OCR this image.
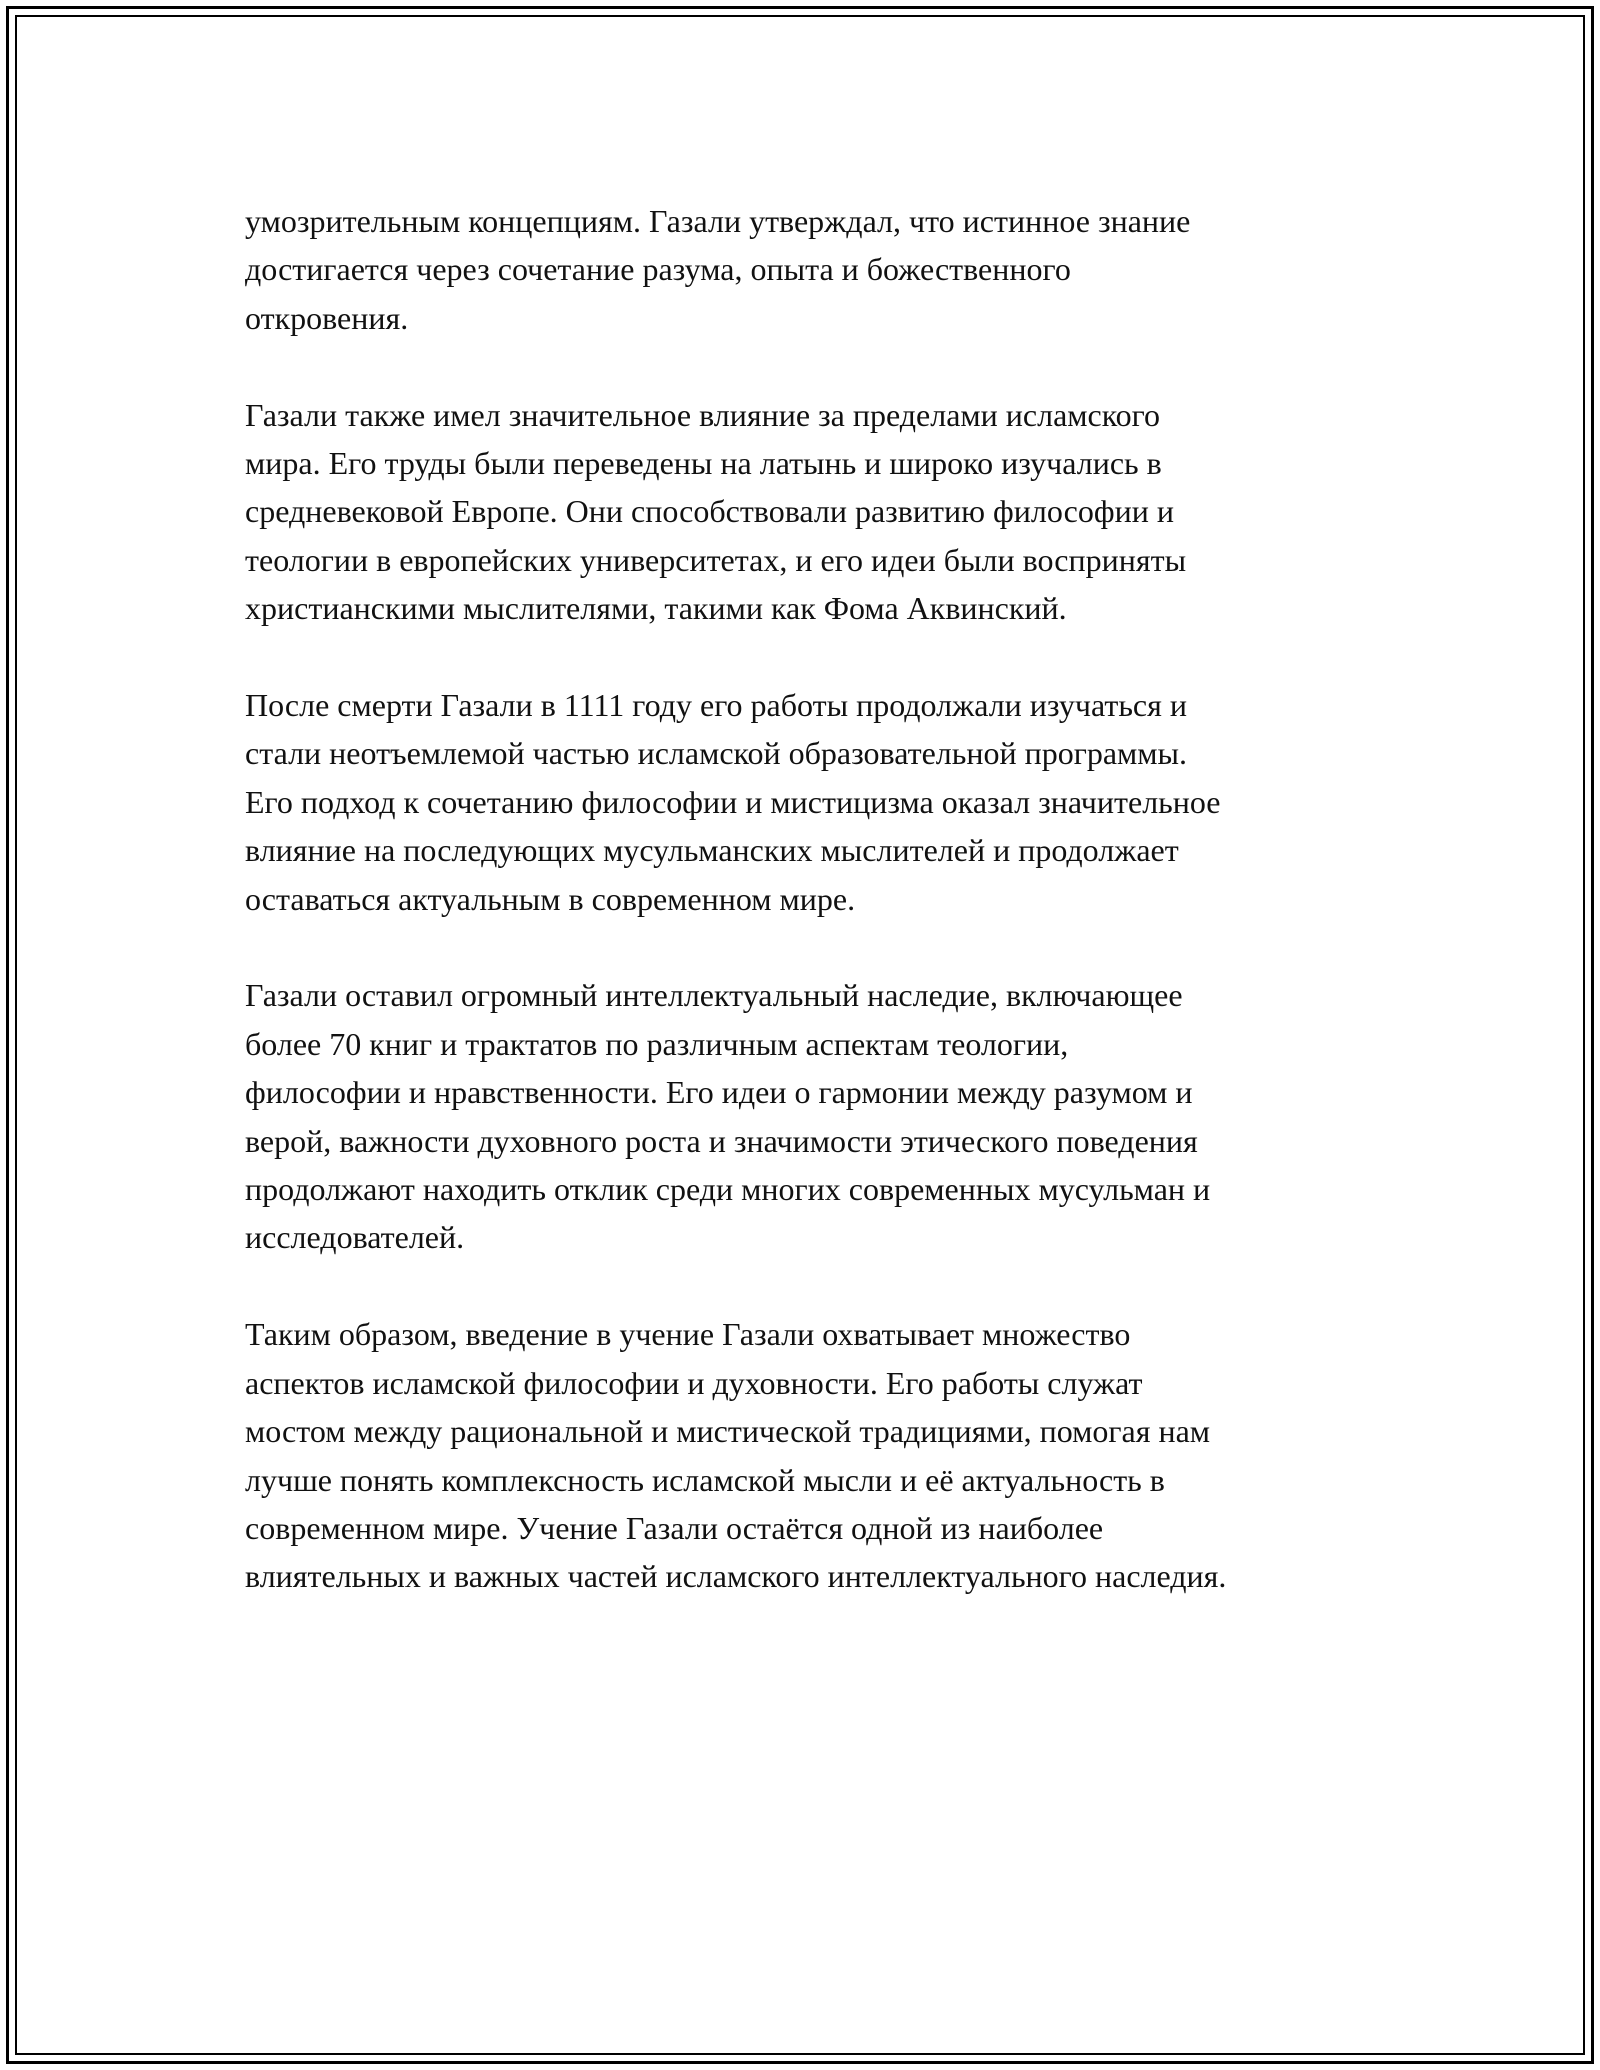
умозрительным концепциям. Газали утверждал, что истинное знание
достигается через сочетание разума, опыта и божественного
откровения.

Газали также имел значительное влияние за пределами исламского
мира. Его труды были переведены на латынь и широко изучались в
средневековой Европе. Они способствовали развитию философии и
теологии в европейских университетах, и его идеи были восприняты
христианскими мыслителями, такими как Фома Аквинский.

После смерти Газали в 1111 году его работы продолжали изучаться и
стали неотъемлемой частью исламской образовательной программы.
Его подход к сочетанию философии и мистицизма оказал значительное
влияние на последующих мусульманских мыслителей и продолжает
оставаться актуальным в современном мире.

Газали оставил огромный интеллектуальный наследие, включающее
более 70 книг и трактатов по различным аспектам теологии,
философии и нравственности. Его идеи о гармонии между разумом и
верой, важности духовного роста и значимости этического поведения
продолжают находить отклик среди многих современных мусульман и
исследователей.

Таким образом, введение в учение Газали охватывает множество
аспектов исламской философии и духовности. Его работы служат
мостом между рациональной и мистической традициями, помогая нам
лучше понять комплексность исламской мысли и её актуальность в
современном мире. Учение Газали остаётся одной из наиболее
влиятельных и важных частей исламского интеллектуального наследия.
